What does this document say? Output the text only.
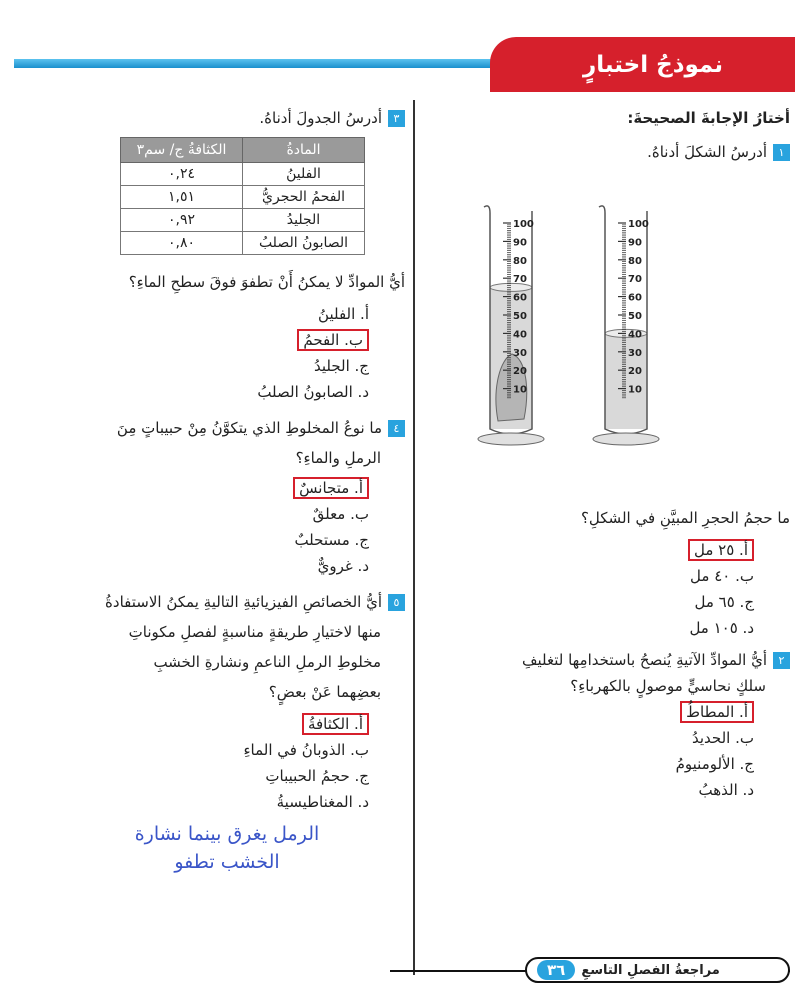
نموذجُ اختبارٍ
أختارُ الإجابةَ الصحيحةَ:
١أدرسُ الشكلَ أدناهُ.
ما حجمُ الحجرِ المبيَّنِ في الشكلِ؟
أ. ٢٥ مل
ب. ٤٠ مل
ج. ٦٥ مل
د. ١٠٥ مل
٢أيُّ الموادِّ الآتيةِ يُنصحُ باستخدامِها لتغليفِ
سلكٍ نحاسيٍّ موصولٍ بالكهرباءِ؟
أ. المطاطُ
ب. الحديدُ
ج. الألومنيومُ
د. الذهبُ
100
90
80
70
60
50
40
30
20
10
100
90
80
70
60
50
40
30
20
10
٣أدرسُ الجدولَ أدناهُ.
المادةُ	الكثافةُ ج/ سم٣
الفلينُ	٠,٢٤
الفحمُ الحجريُّ	١,٥١
الجليدُ	٠,٩٢
الصابونُ الصلبُ	٠,٨٠
أيُّ الموادِّ لا يمكنُ أَنْ تطفوَ فوقَ سطحِ الماءِ؟
أ. الفلينُ
ب. الفحمُ
ج. الجليدُ
د. الصابونُ الصلبُ
٤ما نوعُ المخلوطِ الذي يتكوَّنُ مِنْ حبيباتٍ مِنَ
الرملِ والماءِ؟
أ. متجانسٌ
ب. معلقٌ
ج. مستحلبٌ
د. غرويٌّ
٥أيُّ الخصائصِ الفيزيائيةِ التاليةِ يمكنُ الاستفادةُ
منها لاختيارِ طريقةٍ مناسبةٍ لفصلِ مكوناتِ
مخلوطِ الرملِ الناعمِ ونشارةِ الخشبِ
بعضِهما عَنْ بعضٍ؟
أ. الكثافةُ
ب. الذوبانُ في الماءِ
ج. حجمُ الحبيباتِ
د. المغناطيسيةُ
الرمل يغرق بينما نشارة
الخشب تطفو
مراجعةُ الفصلِ التاسعِ
٣٦
